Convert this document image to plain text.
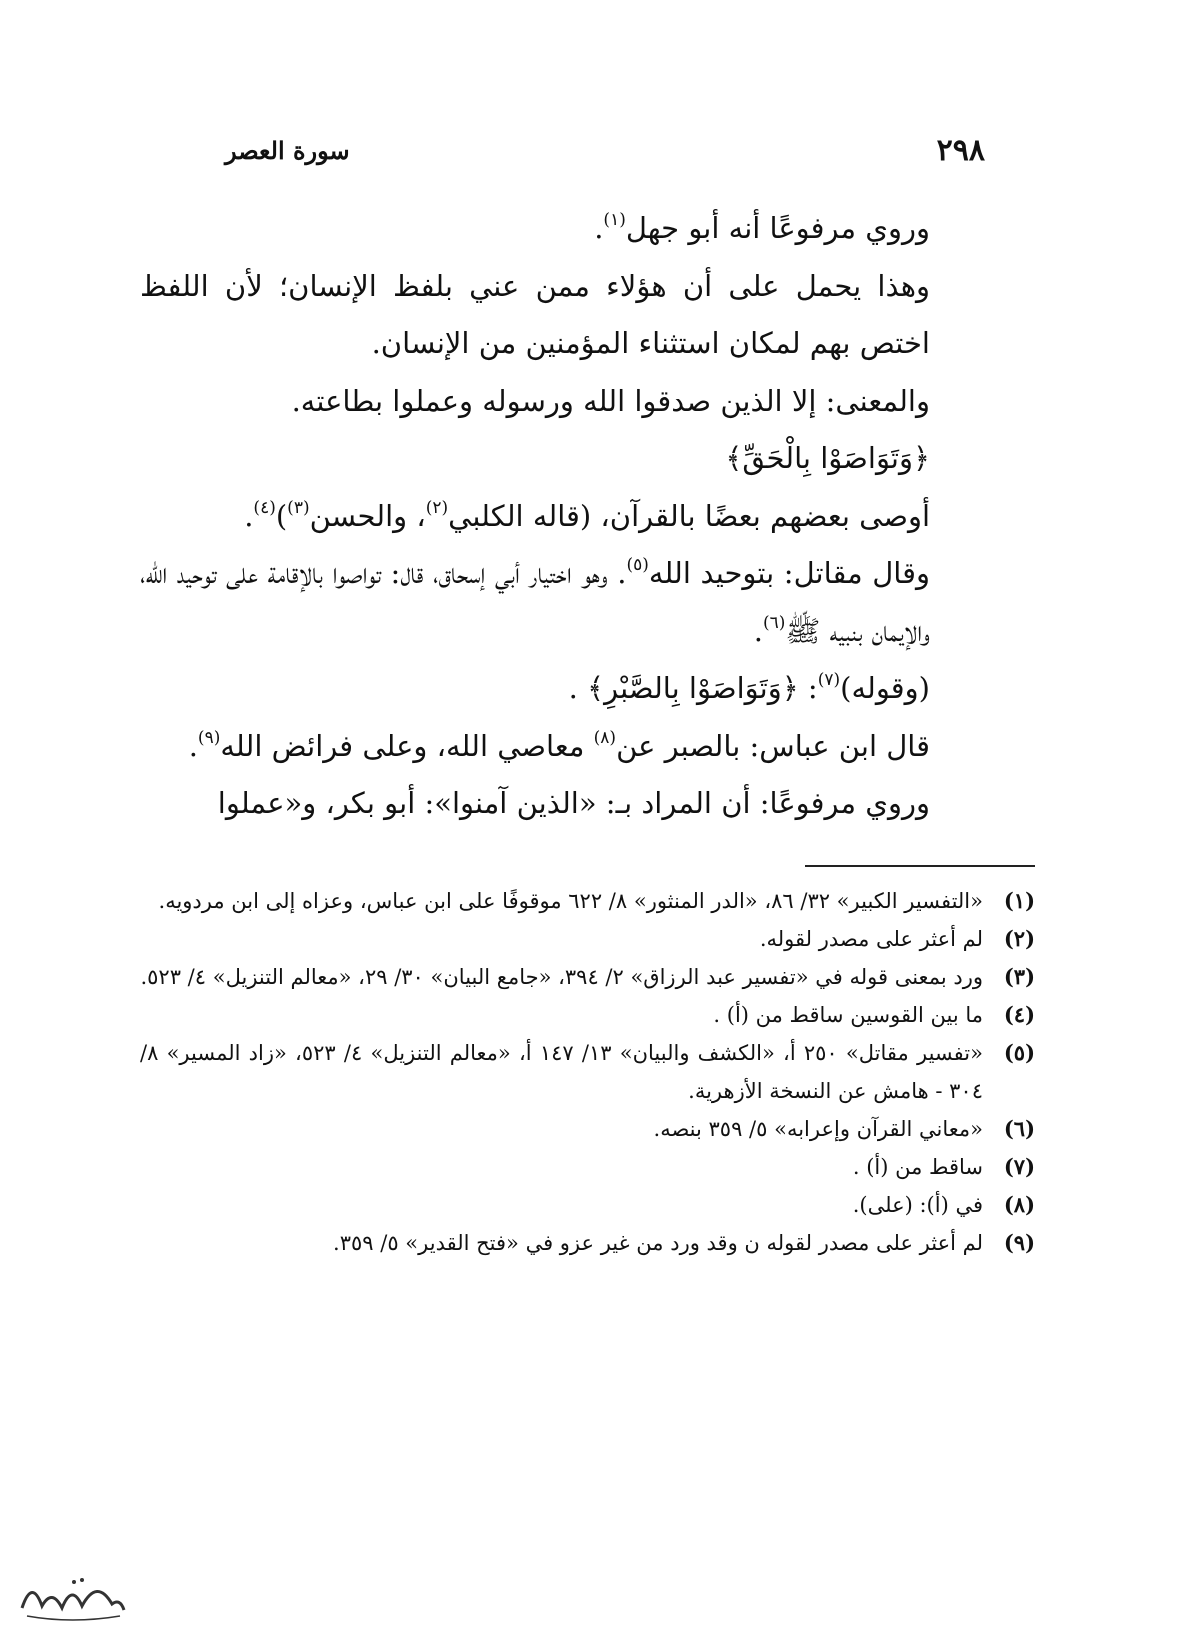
٢٩٨
سورة العصر

وروي مرفوعًا أنه أبو جهل$^{(١)}$.

وهذا يحمل على أن هؤلاء ممن عني بلفظ الإنسان؛ لأن اللفظ اختص بهم لمكان استثناء المؤمنين من الإنسان.

والمعنى: إلا الذين صدقوا الله ورسوله وعملوا بطاعته.

﴿وَتَوَاصَوْا بِالْحَقِّ﴾

أوصى بعضهم بعضًا بالقرآن، (قاله الكلبي$^{(٢)}$، والحسن$^{(٣)}$)$^{(٤)}$.

وقال مقاتل: بتوحيد الله$^{(٥)}$. وهو اختيار أبي إسحاق، قال: تواصوا بالإقامة على توحيد الله، والإيمان بنبيه ﷺ$^{(٦)}$.

(وقوله)$^{(٧)}$: ﴿وَتَوَاصَوْا بِالصَّبْرِ﴾ .

قال ابن عباس: بالصبر عن$^{(٨)}$ معاصي الله، وعلى فرائض الله$^{(٩)}$.

وروي مرفوعًا: أن المراد بـ: «الذين آمنوا»: أبو بكر، و«عملوا

(١)
«التفسير الكبير» ٣٢/ ٨٦، «الدر المنثور» ٨/ ٦٢٢ موقوفًا على ابن عباس، وعزاه إلى ابن مردويه.
(٢)
لم أعثر على مصدر لقوله.
(٣)
ورد بمعنى قوله في «تفسير عبد الرزاق» ٢/ ٣٩٤، «جامع البيان» ٣٠/ ٢٩، «معالم التنزيل» ٤/ ٥٢٣.
(٤)
ما بين القوسين ساقط من (أ) .
(٥)
«تفسير مقاتل» ٢٥٠ أ، «الكشف والبيان» ١٣/ ١٤٧ أ، «معالم التنزيل» ٤/ ٥٢٣، «زاد المسير» ٨/ ٣٠٤ - هامش عن النسخة الأزهرية.
(٦)
«معاني القرآن وإعرابه» ٥/ ٣٥٩ بنصه.
(٧)
ساقط من (أ) .
(٨)
في (أ): (على).
(٩)
لم أعثر على مصدر لقوله ن وقد ورد من غير عزو في «فتح القدير» ٥/ ٣٥٩.
